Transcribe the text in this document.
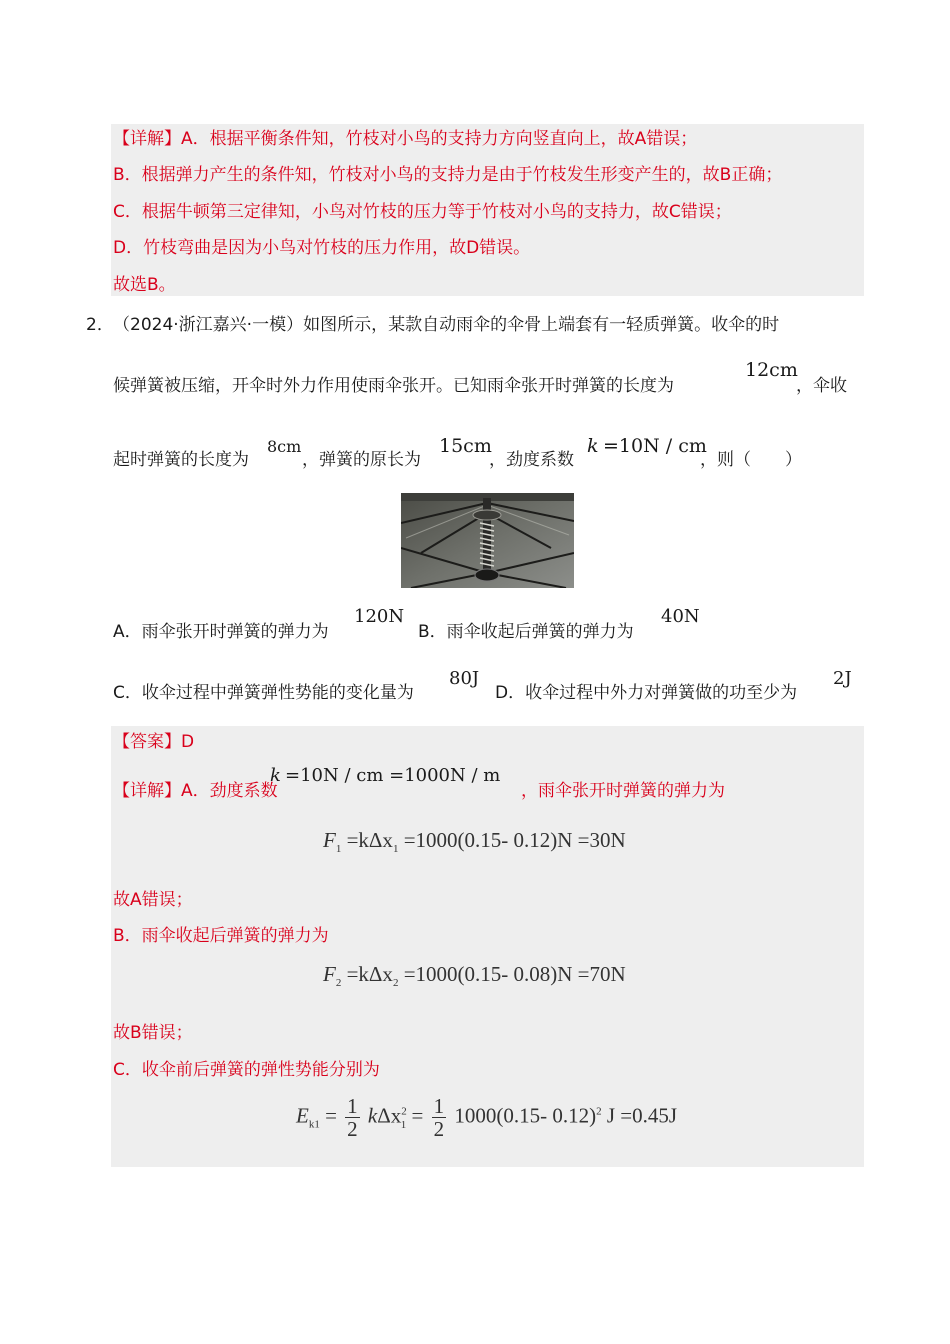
【详解】A．根据平衡条件知，竹枝对小鸟的支持力方向竖直向上，故A错误；
B．根据弹力产生的条件知，竹枝对小鸟的支持力是由于竹枝发生形变产生的，故B正确；
C．根据牛顿第三定律知，小鸟对竹枝的压力等于竹枝对小鸟的支持力，故C错误；
D．竹枝弯曲是因为小鸟对竹枝的压力作用，故D错误。
故选B。
2． （2024·浙江嘉兴·一模）如图所示，某款自动雨伞的伞骨上端套有一轻质弹簧。收伞的时
候弹簧被压缩，开伞时外力作用使雨伞张开。已知雨伞张开时弹簧的长度为
12cm
，伞收
起时弹簧的长度为
8cm
，弹簧的原长为
15cm
，劲度系数
k =10N / cm
，则（　　）
A．雨伞张开时弹簧的弹力为
120N
B．雨伞收起后弹簧的弹力为
40N
C．收伞过程中弹簧弹性势能的变化量为
80J
D．收伞过程中外力对弹簧做的功至少为
2J
【答案】D
【详解】A．劲度系数
k =10N / cm =1000N / m
，雨伞张开时弹簧的弹力为
$F_1 =k\Delta x_1 =1000(0.15-$ 0.12)N =30N
故A错误；
B．雨伞收起后弹簧的弹力为
$F_2 =k\Delta x_2 =1000(0.15-$ 0.08)N =70N
故B错误；
C．收伞前后弹簧的弹性势能分别为
$E_{k1} = \frac{1}{2} k\Delta x^2_1 = \frac{1}{2} 1000(0.15-$ 0.12)$^2$ J =0.45J
